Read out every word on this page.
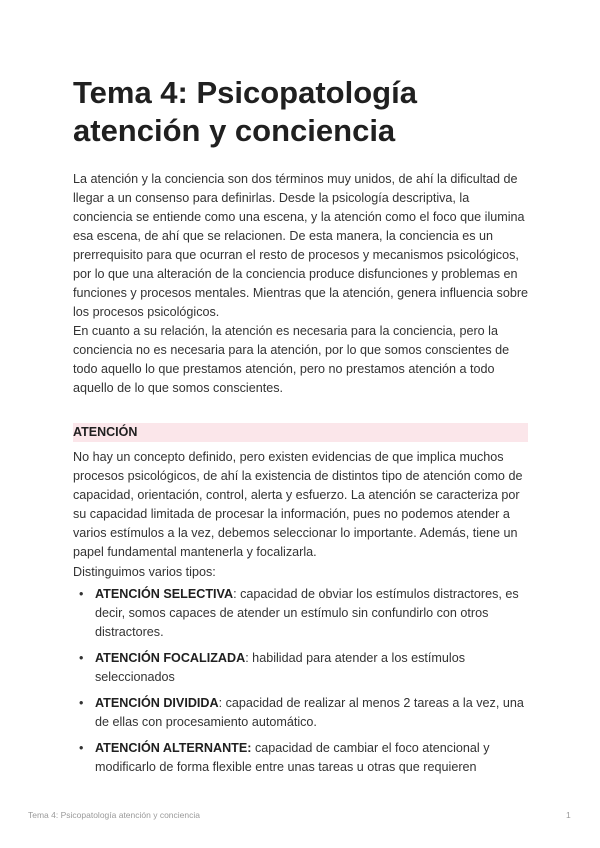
Tema 4: Psicopatología atención y conciencia

La atención y la conciencia son dos términos muy unidos, de ahí la dificultad de llegar a un consenso para definirlas. Desde la psicología descriptiva, la conciencia se entiende como una escena, y la atención como el foco que ilumina esa escena, de ahí que se relacionen. De esta manera, la conciencia es un prerrequisito para que ocurran el resto de procesos y mecanismos psicológicos, por lo que una alteración de la conciencia produce disfunciones y problemas en funciones y procesos mentales. Mientras que la atención, genera influencia sobre los procesos psicológicos.

En cuanto a su relación, la atención es necesaria para la conciencia, pero la conciencia no es necesaria para la atención, por lo que somos conscientes de todo aquello lo que prestamos atención, pero no prestamos atención a todo aquello de lo que somos conscientes.

ATENCIÓN

No hay un concepto definido, pero existen evidencias de que implica muchos procesos psicológicos, de ahí la existencia de distintos tipo de atención como de capacidad, orientación, control, alerta y esfuerzo. La atención se caracteriza por su capacidad limitada de procesar la información, pues no podemos atender a varios estímulos a la vez, debemos seleccionar lo importante. Además, tiene un papel fundamental mantenerla y focalizarla.

Distinguimos varios tipos:

• ATENCIÓN SELECTIVA: capacidad de obviar los estímulos distractores, es decir, somos capaces de atender un estímulo sin confundirlo con otros distractores.
• ATENCIÓN FOCALIZADA: habilidad para atender a los estímulos seleccionados
• ATENCIÓN DIVIDIDA: capacidad de realizar al menos 2 tareas a la vez, una de ellas con procesamiento automático.
• ATENCIÓN ALTERNANTE: capacidad de cambiar el foco atencional y modificarlo de forma flexible entre unas tareas u otras que requieren
Tema 4: Psicopatología atención y conciencia	1
